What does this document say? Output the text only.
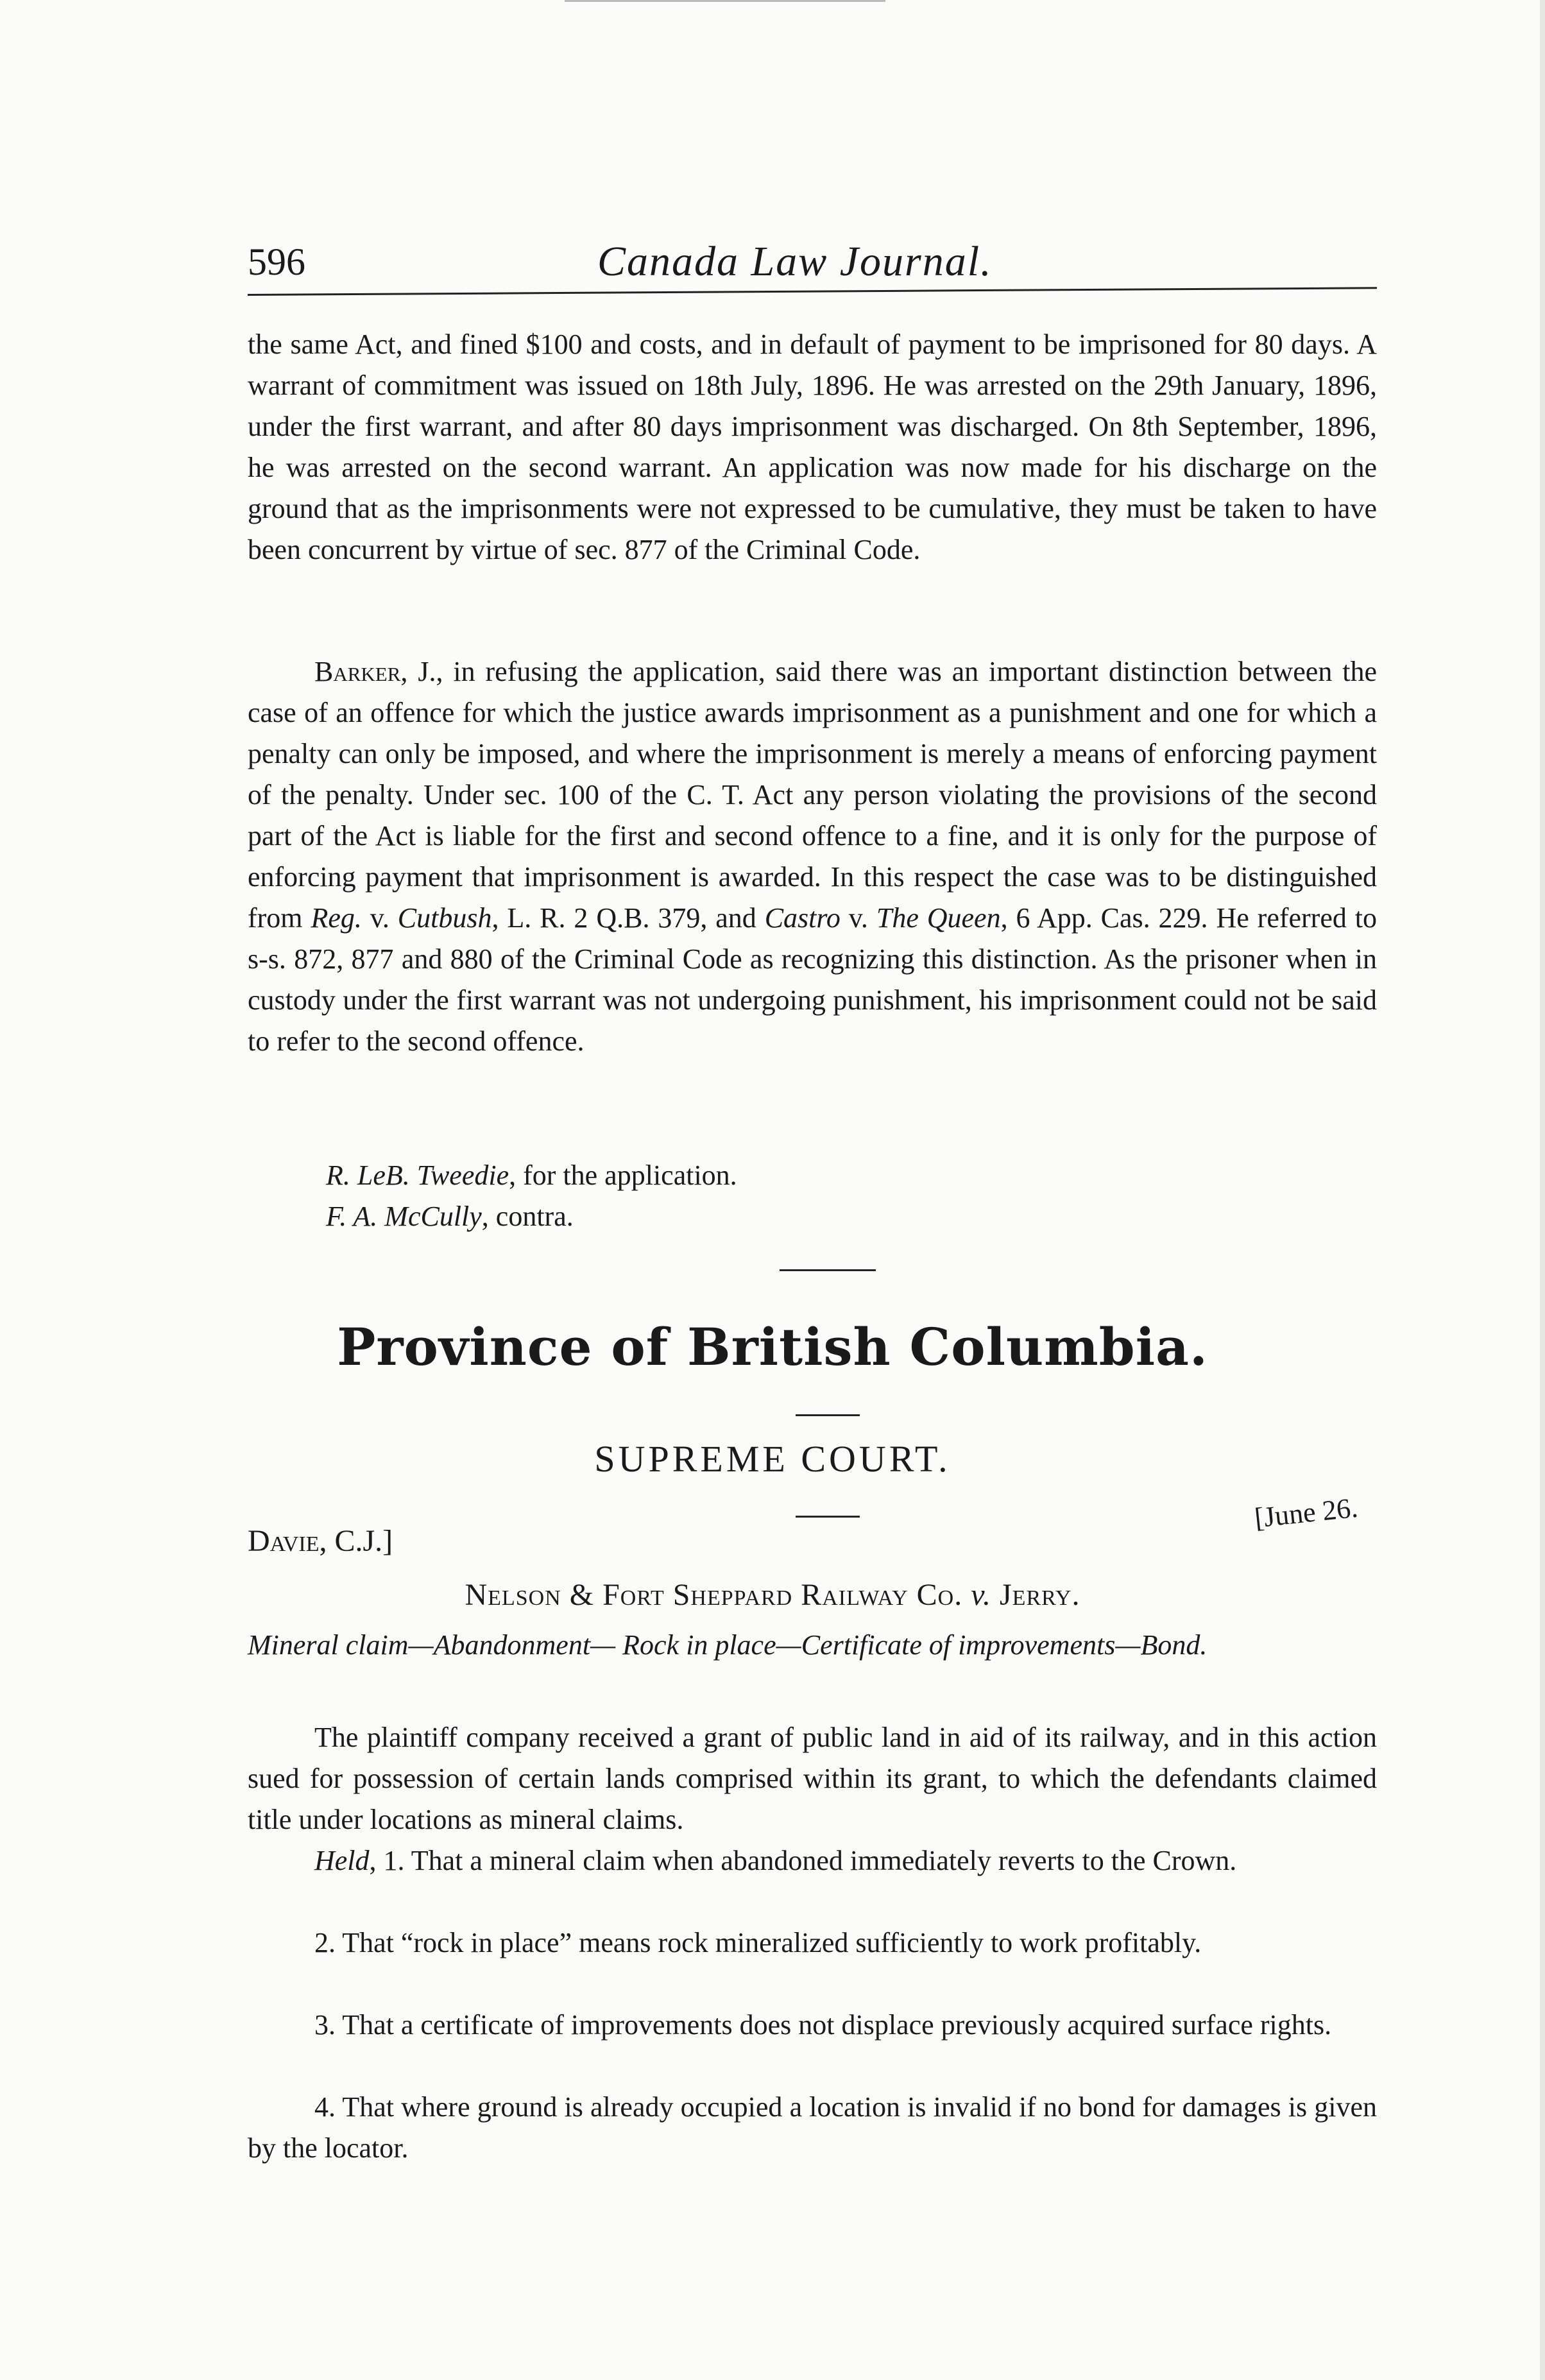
596	Canada Law Journal.

the same Act, and fined $100 and costs, and in default of payment to be imprisoned for 80 days. A warrant of commitment was issued on 18th July, 1896. He was arrested on the 29th January, 1896, under the first warrant, and after 80 days imprisonment was discharged. On 8th September, 1896, he was arrested on the second warrant. An application was now made for his discharge on the ground that as the imprisonments were not expressed to be cumulative, they must be taken to have been concurrent by virtue of sec. 877 of the Criminal Code.

Barker, J., in refusing the application, said there was an important distinction between the case of an offence for which the justice awards imprisonment as a punishment and one for which a penalty can only be imposed, and where the imprisonment is merely a means of enforcing payment of the penalty. Under sec. 100 of the C. T. Act any person violating the provisions of the second part of the Act is liable for the first and second offence to a fine, and it is only for the purpose of enforcing payment that imprisonment is awarded. In this respect the case was to be distinguished from Reg. v. Cutbush, L. R. 2 Q.B. 379, and Castro v. The Queen, 6 App. Cas. 229. He referred to s-s. 872, 877 and 880 of the Criminal Code as recognizing this distinction. As the prisoner when in custody under the first warrant was not undergoing punishment, his imprisonment could not be said to refer to the second offence.

R. LeB. Tweedie, for the application.
F. A. McCully, contra.
Province of British Columbia.
SUPREME COURT.
Davie, C.J.]
[June 26.
Nelson & Fort Sheppard Railway Co. v. Jerry.
Mineral claim—Abandonment— Rock in place—Certificate of improvements—Bond.

The plaintiff company received a grant of public land in aid of its railway, and in this action sued for possession of certain lands comprised within its grant, to which the defendants claimed title under locations as mineral claims.

Held, 1. That a mineral claim when abandoned immediately reverts to the Crown.

2. That “rock in place” means rock mineralized sufficiently to work profitably.

3. That a certificate of improvements does not displace previously acquired surface rights.

4. That where ground is already occupied a location is invalid if no bond for damages is given by the locator.
